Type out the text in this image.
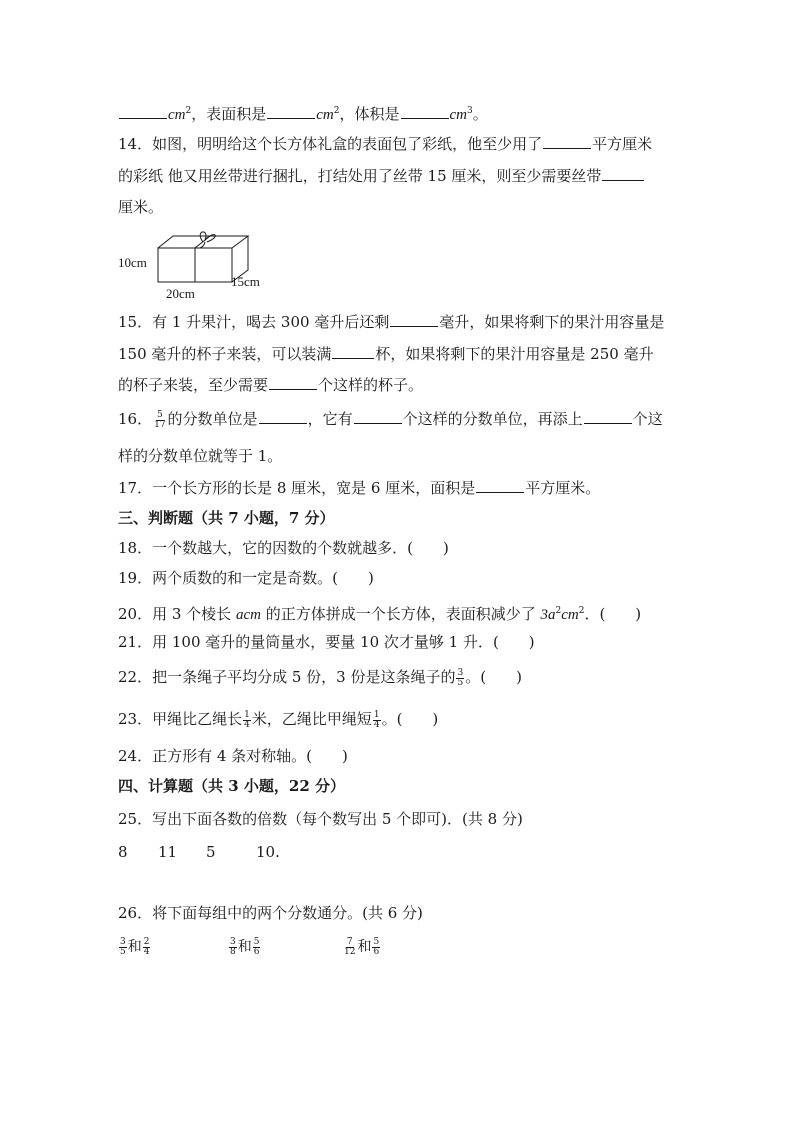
$cm^2$，表面积是	$cm^2$，体积是	$cm^3$。
14．如图，明明给这个长方体礼盒的表面包了彩纸，他至少用了	平方厘米
的彩纸 他又用丝带进行捆扎，打结处用了丝带 15 厘米，则至少需要丝带
厘米。
10cm
20cm
15cm
15．有 1 升果汁，喝去 300 毫升后还剩	毫升，如果将剩下的果汁用容量是
150 毫升的杯子来装，可以装满	杯，如果将剩下的果汁用容量是 250 毫升
的杯子来装，至少需要	个这样的杯子。
16． $\frac{5}{17}$ 的分数单位是	，它有	个这样的分数单位，再添上	个这
样的分数单位就等于 1。
17．一个长方形的长是 8 厘米，宽是 6 厘米，面积是	平方厘米。
三、判断题（共 7 小题，7 分）
18．一个数越大，它的因数的个数就越多．(　　)
19．两个质数的和一定是奇数。(　　)
20．用 3 个棱长 acm 的正方体拼成一个长方体，表面积减少了 $3a^2cm^2$．(　　)
21．用 100 毫升的量筒量水，要量 10 次才量够 1 升．(　　)
22．把一条绳子平均分成 5 份，3 份是这条绳子的 $\frac{3}{5}$ 。(　　)
23．甲绳比乙绳长 $\frac{1}{4}$ 米，乙绳比甲绳短 $\frac{1}{4}$ 。(　　)
24．正方形有 4 条对称轴。(　　)
四、计算题（共 3 小题，22 分）
25．写出下面各数的倍数（每个数写出 5 个即可)．(共 8 分)
8 11 5	10.
26．将下面每组中的两个分数通分。(共 6 分)
$\frac{3}{5}$ 和 $\frac{2}{4}$	$\frac{3}{8}$ 和 $\frac{5}{6}$	$\frac{7}{12}$ 和 $\frac{5}{6}$
